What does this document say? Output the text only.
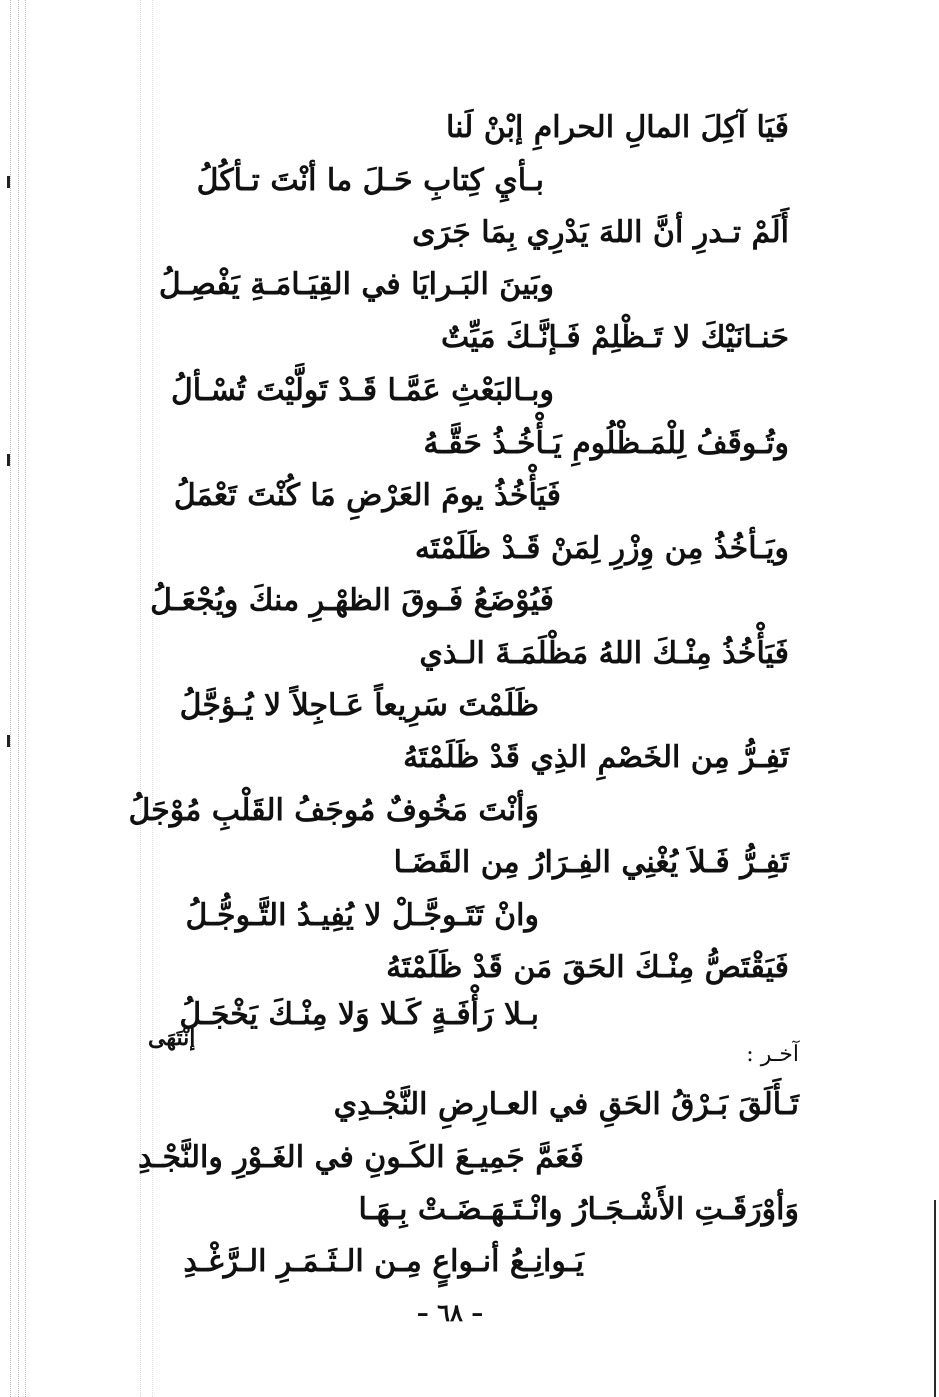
فَيَا آكِلَ المالِ الحرامِ إبْنْ لَنا
بـأيِ كِتابِ حَـلَ ما أنْتَ تـأكُلُ
أَلَمْ تـدرِ أنَّ اللهَ يَدْرِي بِمَا جَرَى
وبَينَ البَـرايَا في القِيَـامَـةِ يَفْصِـلُ
حَنـانَيْكَ لا تَـظْلِمْ فَـإنَّـكَ مَيِّتٌ
وبـالبَعْثِ عَمَّـا قَـدْ تَولَّيْتَ تُسْـألُ
وتُـوقَفُ لِلْمَـظْلُومِ يَـأْخُـذُ حَقَّـهُ
فَيَأْخُذُ يومَ العَرْضِ مَا كُنْتَ تَعْمَلُ
ويَـأخُذُ مِن وِزْرِ لِمَنْ قَـدْ ظَلَمْتَه
فَيُوْضَعُ فَـوقَ الظهْـرِ منكَ ويُجْعَـلُ
فَيَأْخُذُ مِنْـكَ اللهُ مَظْلَمَـةَ الـذي
ظَلَمْتَ سَرِيعاً عَـاجِلاً لا يُـؤجَّلُ
تَفِـرُّ مِن الخَصْمِ الذِي قَدْ ظَلَمْتَهُ
وَأنْتَ مَخُوفٌ مُوجَفُ القَلْبِ مُوْجَلُ
تَفِـرُّ فَـلاَ يُغْنِي الفِـرَارُ مِن القَضَـا
وانْ تَتَـوجَّـلْ لا يُفِيـدُ التَّـوجُّـلُ
فَيَقْتَصُّ مِنْـكَ الحَقَ مَن قَدْ ظَلَمْتَهُ
بـلا رَأْفَـةٍ كَـلا وَلا مِنْـكَ يَخْجَـلُ
إنْتَهَى
آخـر :
تَـأَلَقَ بَـرْقُ الحَقِ في العـارِضِ النَّجْـدِي
فَعَمَّ جَمِيـعَ الكَـونِ في الغَـوْرِ والنَّجْـدِ
وَأوْرَقَـتِ الأَشْـجَـارُ وانْـتَـهَـضَـتْ بِـهَـا
يَـوانِـعُ أنـواعٍ مِـن الـثَـمَـرِ الـرَّغْـدِ
– ٦٨ –
